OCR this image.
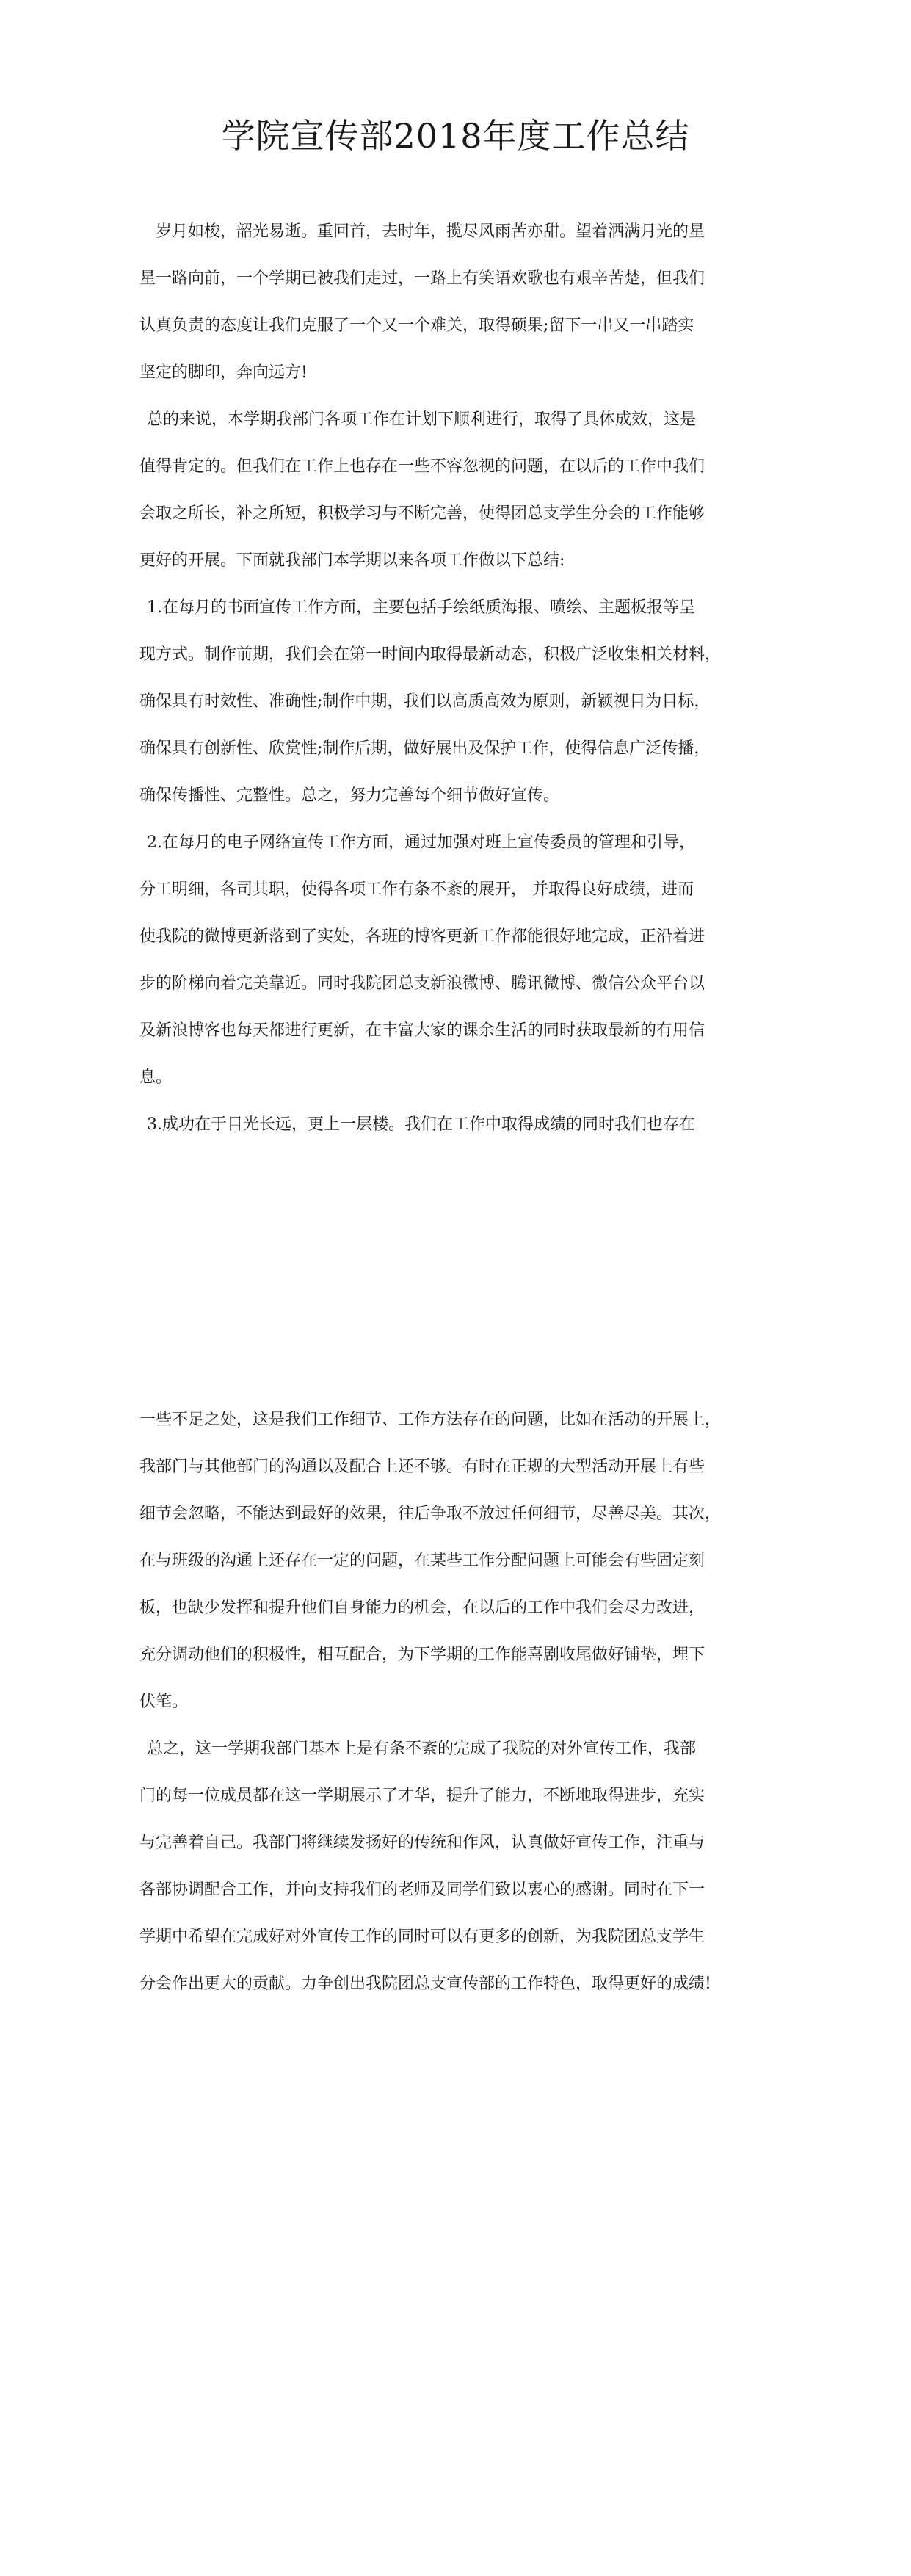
学院宣传部2018年度工作总结
岁月如梭，韶光易逝。重回首，去时年，揽尽风雨苦亦甜。望着洒满月光的星
星一路向前，一个学期已被我们走过，一路上有笑语欢歌也有艰辛苦楚，但我们
认真负责的态度让我们克服了一个又一个难关，取得硕果;留下一串又一串踏实
坚定的脚印，奔向远方!
总的来说，本学期我部门各项工作在计划下顺利进行，取得了具体成效，这是
值得肯定的。但我们在工作上也存在一些不容忽视的问题，在以后的工作中我们
会取之所长，补之所短，积极学习与不断完善，使得团总支学生分会的工作能够
更好的开展。下面就我部门本学期以来各项工作做以下总结:
1.在每月的书面宣传工作方面，主要包括手绘纸质海报、喷绘、主题板报等呈
现方式。制作前期，我们会在第一时间内取得最新动态，积极广泛收集相关材料，
确保具有时效性、准确性;制作中期，我们以高质高效为原则，新颖视目为目标，
确保具有创新性、欣赏性;制作后期，做好展出及保护工作，使得信息广泛传播，
确保传播性、完整性。总之，努力完善每个细节做好宣传。
2.在每月的电子网络宣传工作方面，通过加强对班上宣传委员的管理和引导，
分工明细，各司其职，使得各项工作有条不紊的展开， 并取得良好成绩，进而
使我院的微博更新落到了实处，各班的博客更新工作都能很好地完成，正沿着进
步的阶梯向着完美靠近。同时我院团总支新浪微博、腾讯微博、微信公众平台以
及新浪博客也每天都进行更新，在丰富大家的课余生活的同时获取最新的有用信
息。
3.成功在于目光长远，更上一层楼。我们在工作中取得成绩的同时我们也存在
一些不足之处，这是我们工作细节、工作方法存在的问题，比如在活动的开展上，
我部门与其他部门的沟通以及配合上还不够。有时在正规的大型活动开展上有些
细节会忽略，不能达到最好的效果，往后争取不放过任何细节，尽善尽美。其次，
在与班级的沟通上还存在一定的问题，在某些工作分配问题上可能会有些固定刻
板，也缺少发挥和提升他们自身能力的机会，在以后的工作中我们会尽力改进，
充分调动他们的积极性，相互配合，为下学期的工作能喜剧收尾做好铺垫，埋下
伏笔。
总之，这一学期我部门基本上是有条不紊的完成了我院的对外宣传工作，我部
门的每一位成员都在这一学期展示了才华，提升了能力，不断地取得进步，充实
与完善着自己。我部门将继续发扬好的传统和作风，认真做好宣传工作，注重与
各部协调配合工作，并向支持我们的老师及同学们致以衷心的感谢。同时在下一
学期中希望在完成好对外宣传工作的同时可以有更多的创新，为我院团总支学生
分会作出更大的贡献。力争创出我院团总支宣传部的工作特色，取得更好的成绩!
